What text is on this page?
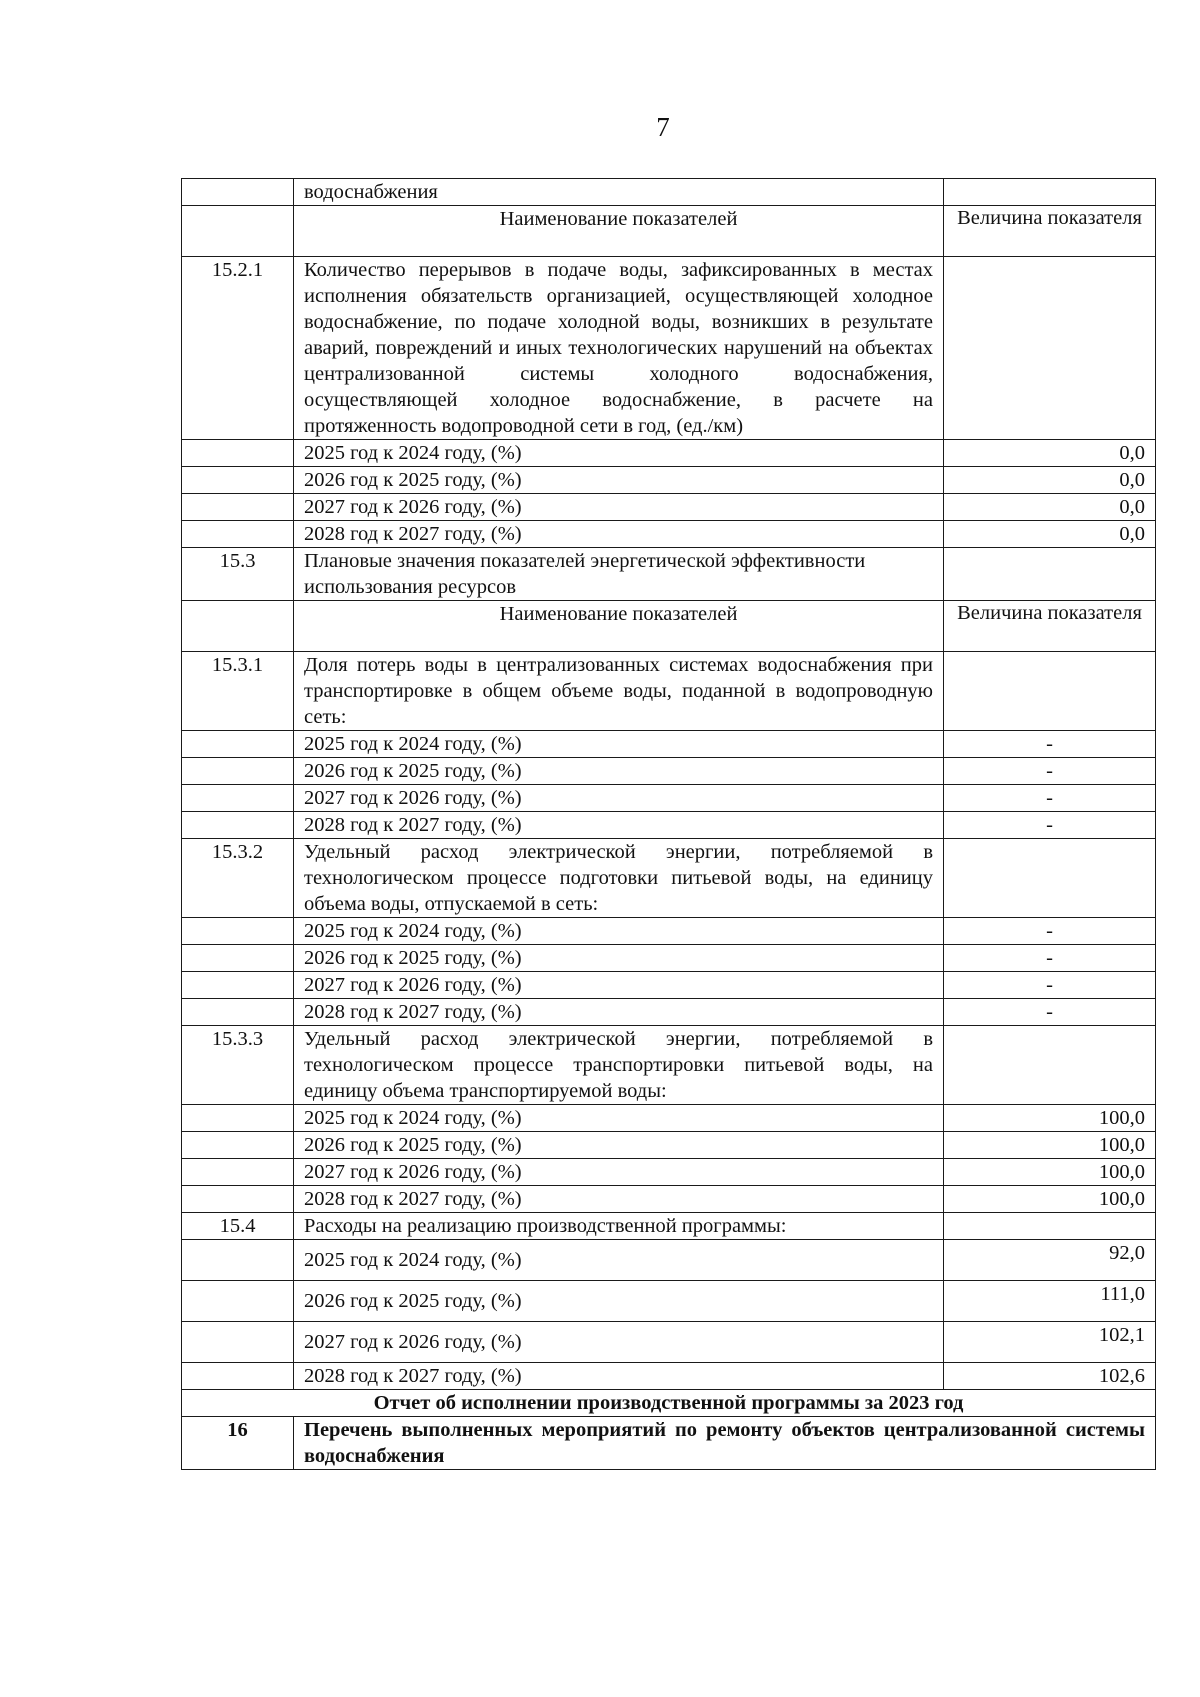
7
	водоснабжения	
	Наименование показателей	Величина показателя
15.2.1	Количество перерывов в подаче воды, зафиксированных в местах исполнения обязательств организацией, осуществляющей холодное водоснабжение, по подаче холодной воды, возникших в результате аварий, повреждений и иных технологических нарушений на объектах централизованной системы холодного водоснабжения, осуществляющей холодное водоснабжение, в расчете на протяженность водопроводной сети в год, (ед./км)	
	2025 год к 2024 году, (%)	0,0
	2026 год к 2025 году, (%)	0,0
	2027 год к 2026 году, (%)	0,0
	2028 год к 2027 году, (%)	0,0
15.3	Плановые значения показателей энергетической эффективности использования ресурсов	
	Наименование показателей	Величина показателя
15.3.1	Доля потерь воды в централизованных системах водоснабжения при транспортировке в общем объеме воды, поданной в водопроводную сеть:	
	2025 год к 2024 году, (%)	-
	2026 год к 2025 году, (%)	-
	2027 год к 2026 году, (%)	-
	2028 год к 2027 году, (%)	-
15.3.2	Удельный расход электрической энергии, потребляемой в технологическом процессе подготовки питьевой воды, на единицу объема воды, отпускаемой в сеть:	
	2025 год к 2024 году, (%)	-
	2026 год к 2025 году, (%)	-
	2027 год к 2026 году, (%)	-
	2028 год к 2027 году, (%)	-
15.3.3	Удельный расход электрической энергии, потребляемой в технологическом процессе транспортировки питьевой воды, на единицу объема транспортируемой воды:	
	2025 год к 2024 году, (%)	100,0
	2026 год к 2025 году, (%)	100,0
	2027 год к 2026 году, (%)	100,0
	2028 год к 2027 году, (%)	100,0
15.4	Расходы на реализацию производственной программы:	
	2025 год к 2024 году, (%)	92,0
	2026 год к 2025 году, (%)	111,0
	2027 год к 2026 году, (%)	102,1
	2028 год к 2027 году, (%)	102,6
Отчет об исполнении производственной программы за 2023 год		
16	Перечень выполненных мероприятий по ремонту объектов централизованной системы водоснабжения	
